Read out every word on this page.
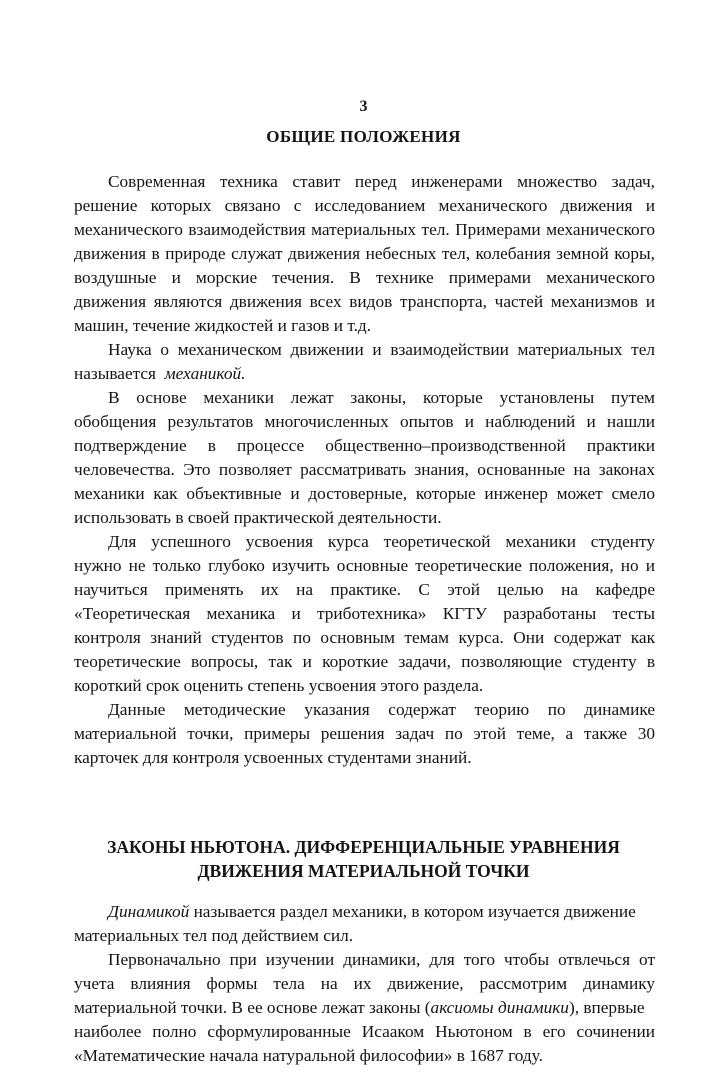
3
ОБЩИЕ ПОЛОЖЕНИЯ

Современная техника ставит перед инженерами множество задач,

решение которых связано с исследованием механического движения и

механического взаимодействия материальных тел. Примерами механического

движения в природе служат движения небесных тел, колебания земной коры,

воздушные и морские течения. В технике примерами механического

движения являются движения всех видов транспорта, частей механизмов и

машин, течение жидкостей и газов и т.д.

Наука о механическом движении и взаимодействии материальных тел

называется механикой.

В основе механики лежат законы, которые установлены путем

обобщения результатов многочисленных опытов и наблюдений и нашли

подтверждение в процессе общественно–производственной практики

человечества. Это позволяет рассматривать знания, основанные на законах

механики как объективные и достоверные, которые инженер может смело

использовать в своей практической деятельности.

Для успешного усвоения курса теоретической механики студенту

нужно не только глубоко изучить основные теоретические положения, но и

научиться применять их на практике. С этой целью на кафедре

«Теоретическая механика и триботехника» КГТУ разработаны тесты

контроля знаний студентов по основным темам курса. Они содержат как

теоретические вопросы, так и короткие задачи, позволяющие студенту в

короткий срок оценить степень усвоения этого раздела.

Данные методические указания содержат теорию по динамике

материальной точки, примеры решения задач по этой теме, а также 30

карточек для контроля усвоенных студентами знаний.

ЗАКОНЫ НЬЮТОНА. ДИФФЕРЕНЦИАЛЬНЫЕ УРАВНЕНИЯ

ДВИЖЕНИЯ МАТЕРИАЛЬНОЙ ТОЧКИ

Динамикой называется раздел механики, в котором изучается движение

материальных тел под действием сил.

Первоначально при изучении динамики, для того чтобы отвлечься от

учета влияния формы тела на их движение, рассмотрим динамику

материальной точки. В ее основе лежат законы (аксиомы динамики), впервые

наиболее полно сформулированные Исааком Ньютоном в его сочинении

«Математические начала натуральной философии» в 1687 году.
